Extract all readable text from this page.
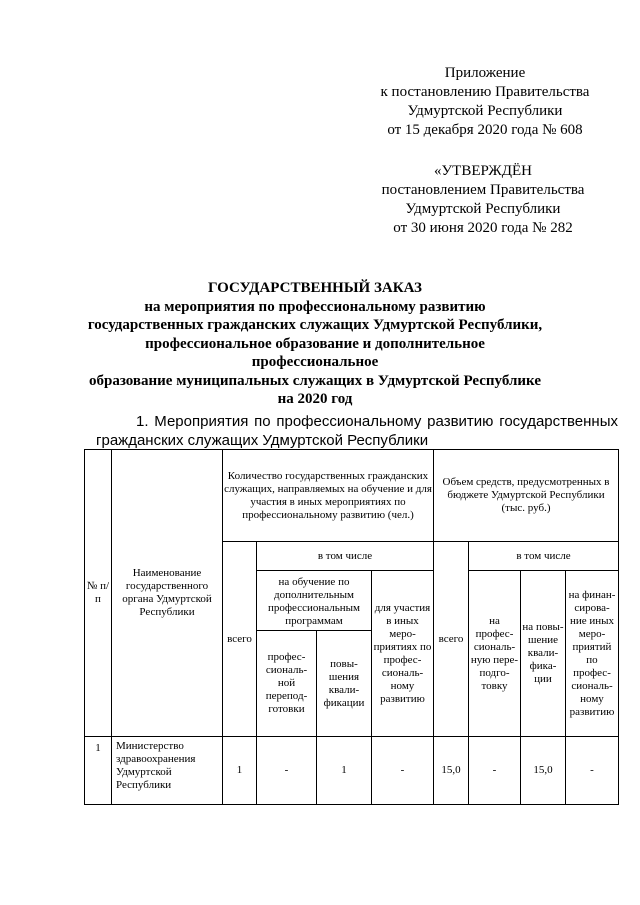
Приложение
к постановлению Правительства
Удмуртской Республики
от 15 декабря 2020 года № 608
«УТВЕРЖДЁН
постановлением Правительства
Удмуртской Республики
от 30 июня 2020 года № 282
ГОСУДАРСТВЕННЫЙ ЗАКАЗ
на мероприятия по профессиональному развитию
государственных гражданских служащих Удмуртской Республики,
профессиональное образование и дополнительное профессиональное
образование муниципальных служащих в Удмуртской Республике
на 2020 год
1. Мероприятия по профессиональному развитию государственных
гражданских служащих Удмуртской Республики
№ п/п	Наименование государственного органа Удмуртской Республики	Количество государственных гражданских служащих, направляемых на обучение и для участия в иных мероприятиях по профессиональному развитию (чел.)				Объем средств, предусмотренных в бюджете Удмуртской Республики (тыс. руб.)			
		всего	в том числе			всего	в том числе		
			на обучение по дополнительным профессиональным программам		для участия в иных меро-приятиях по профес-сиональ-ному развитию		на профес-сиональ-ную пере-подго-товку	на повы-шение квали-фика-ции	на финан-сирова-ние иных меро-приятий по профес-сиональ-ному развитию
			профес-сиональ-ной перепод-готовки	повы-шения квали-фикации					
1	Министерство здравоохранения Удмуртской Республики	1	-	1	-	15,0	-	15,0	-
